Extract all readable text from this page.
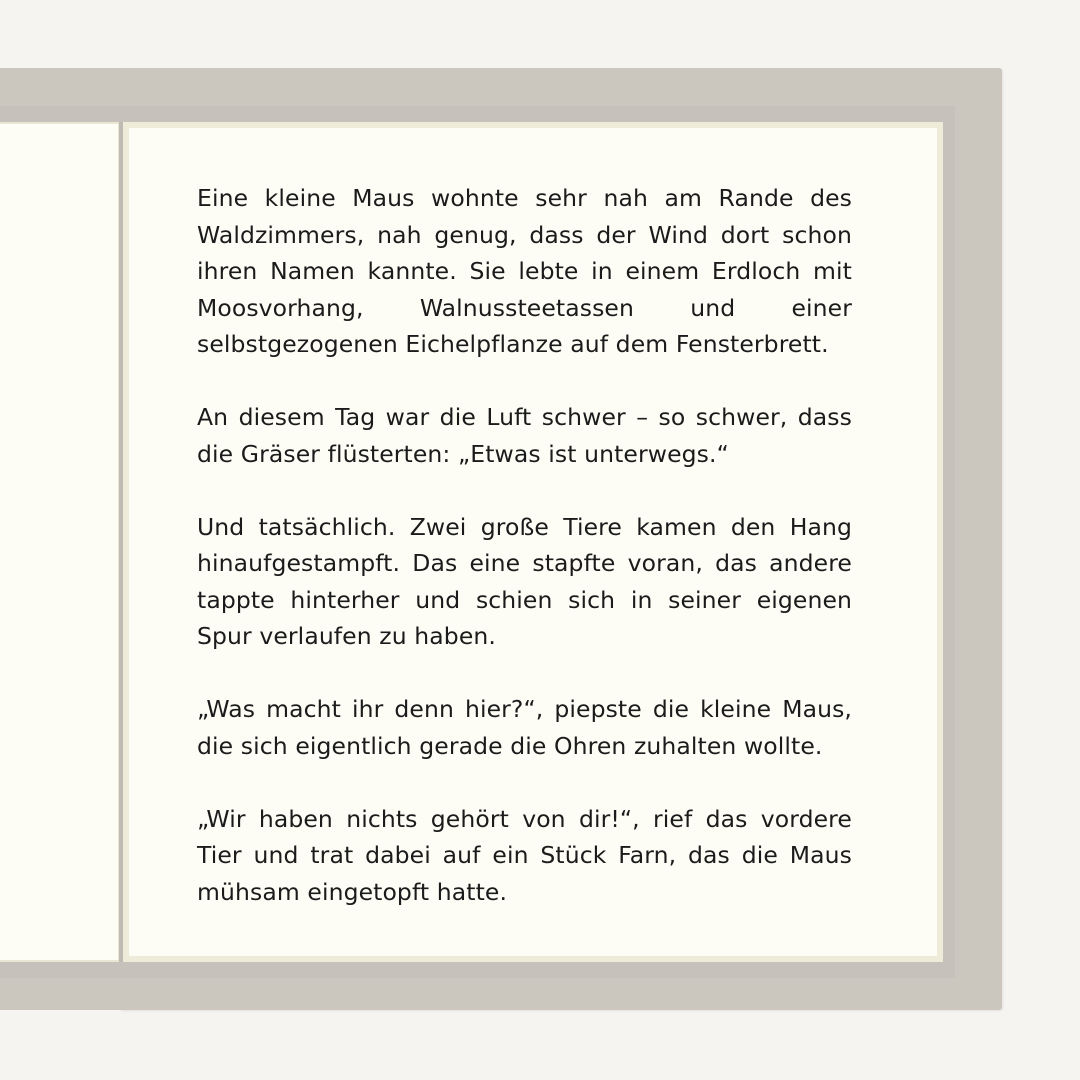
Eine kleine Maus wohnte sehr nah am Rande des Waldzimmers, nah genug, dass der Wind dort schon ihren Namen kannte. Sie lebte in einem Erdloch mit Moosvorhang, Walnussteetassen und einer selbstgezogenen Eichelpflanze auf dem Fensterbrett.

An diesem Tag war die Luft schwer – so schwer, dass die Gräser flüsterten: „Etwas ist unterwegs.“

Und tatsächlich. Zwei große Tiere kamen den Hang hinaufgestampft. Das eine stapfte voran, das andere tappte hinterher und schien sich in seiner eigenen Spur verlaufen zu haben.

„Was macht ihr denn hier?“, piepste die kleine Maus, die sich eigentlich gerade die Ohren zuhalten wollte.

„Wir haben nichts gehört von dir!“, rief das vordere Tier und trat dabei auf ein Stück Farn, das die Maus mühsam eingetopft hatte.
